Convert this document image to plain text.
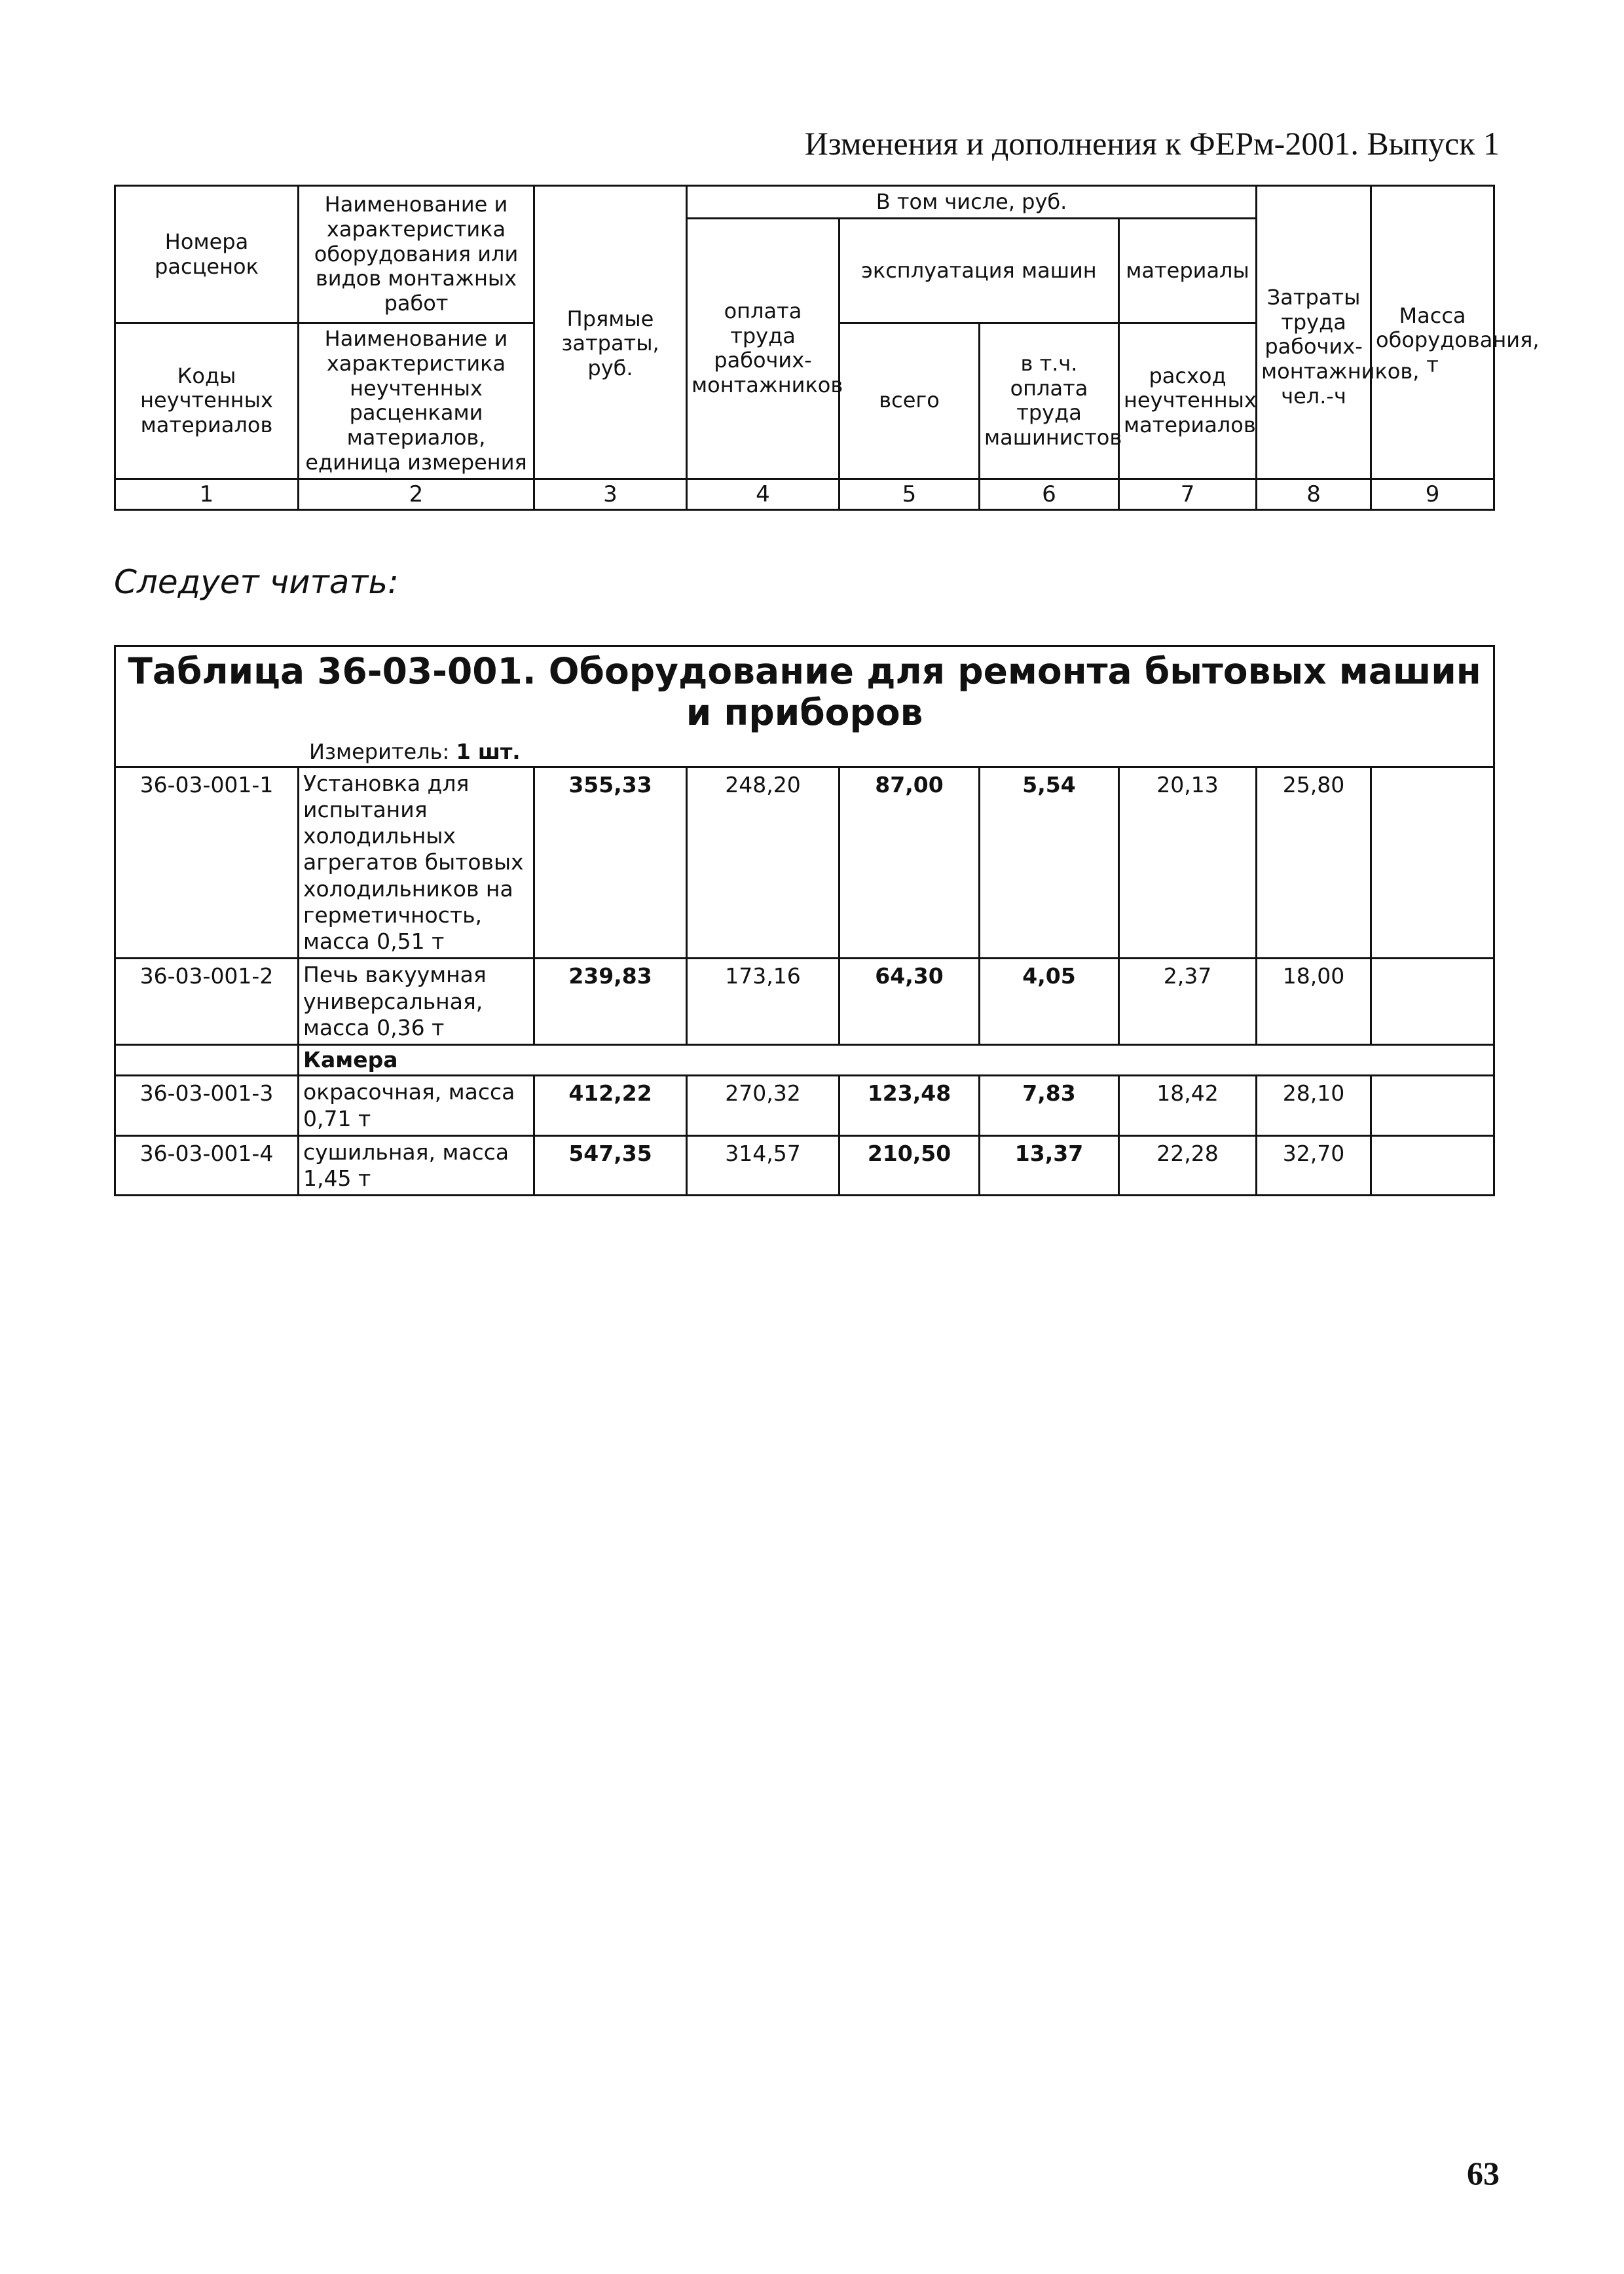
Изменения и дополнения к ФЕРм-2001. Выпуск 1
Номера расценок	Наименование и характеристика оборудования или видов монтажных работ	Прямые затраты, руб.	В том числе, руб.				Затраты труда рабочих-монтажников, чел.-ч	Масса оборудования, т
			оплата труда рабочих-монтажников	эксплуатация машин		материалы		
Коды неучтенных материалов	Наименование и характеристика неучтенных расценками материалов, единица измерения			всего	в т.ч. оплата труда машинистов	расход неучтенных материалов		

1	2	3	4	5	6	7	8	9
Следует читать:
Таблица 36-03-001. Оборудование для ремонта бытовых машин и приборов
Измеритель: 1 шт.								

36-03-001-1	Установка для испытания холодильных агрегатов бытовых холодильников на герметичность, масса 0,51 т	355,33	248,20	87,00	5,54	20,13	25,80	
36-03-001-2	Печь вакуумная универсальная, масса 0,36 т	239,83	173,16	64,30	4,05	2,37	18,00	
	Камера							
36-03-001-3	окрасочная, масса 0,71 т	412,22	270,32	123,48	7,83	18,42	28,10	
36-03-001-4	сушильная, масса 1,45 т	547,35	314,57	210,50	13,37	22,28	32,70	
63
